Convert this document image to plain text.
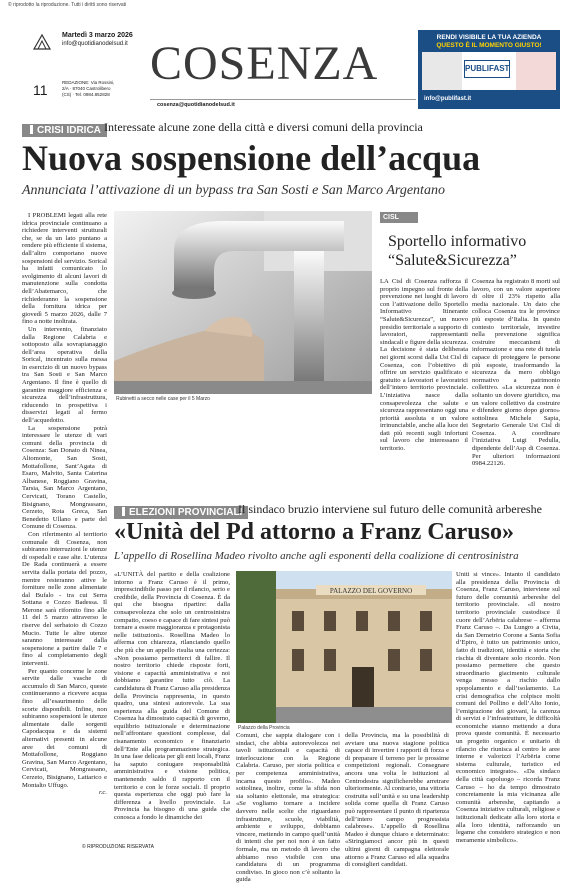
© riprodotto la riproduzione. Tutti i diritti sono riservati
Martedì 3 marzo 2026
info@quotidianodelsud.it
11	REDAZIONE: Via Rossini, 2/A · 87040 Castrolibero (CS) · Tel. 0984.852828
COSENZA
cosenza@quotidianodelsud.it
RENDI VISIBILE LA TUA AZIENDA
QUESTO È IL MOMENTO GIUSTO!
PUBLIFAST
info@publifast.it
CRISI IDRICA Interessate alcune zone della città e diversi comuni della provincia
Nuova sospensione dell’acqua
Annunciata l’attivazione di un bypass tra San Sosti e San Marco Argentano

I PROBLEMI legati alla rete idrica provinciale continuano a richiedere interventi strutturali che, se da un lato puntano a rendere più efficiente il sistema, dall’altro comportano nuove sospensioni del servizio. Sorical ha infatti comunicato lo svolgimento di alcuni lavori di manutenzione sulla condotta dell’Abatemarco, che richiederanno la sospensione della fornitura idrica per giovedì 5 marzo 2026, dalle 7 fino a notte inoltrata.

Un intervento, finanziato dalla Regione Calabria e sottoposto alla sovrapianaggio dell’area operativa della Sorical, incentrato sulla messa in esercizio di un nuovo bypass tra San Sosti e San Marco Argentano. Il fine è quello di garantire maggiore efficienza e sicurezza dell’infrastruttura, riducendo in prospettiva i disservizi legati al fermo dell’acquedotto.

La sospensione potrà interessare le utenze di vari comuni della provincia di Cosenza: San Donato di Ninea, Altomonte, San Sosti, Mottafollone, Sant’Agata di Esaro, Malvito, Santa Caterina Albanese, Roggiano Gravina, Tarsia, San Marco Argentano, Cervicati, Torano Castello, Bisignano, Mongrassano, Cerzeto, Rota Greca, San Benedetto Ullano e parte del Comune di Cosenza.

Con riferimento al territorio comunale di Cosenza, non subiranno interruzioni le utenze di ospedali e case alte. L’utenza De Rada continuerà a essere servita dalla portata del pozzo, mentre resteranno attive le forniture nelle zone alimentate dal Bufalo - tra cui Serra Sottana e Cozzo Badessa. Il Merone sarà rifornito fino alle 11 del 5 marzo attraverso le riserve del serbatoio di Cozzo Mucio. Tutte le altre utenze saranno interessate dalla sospensione a partire dalle 7 e fino al completamento degli interventi.

Per quanto concerne le zone servite dalle vasche di accumulo di San Marco, queste continueranno a ricevere acqua fino all’esaurimento delle scorte disponibili. Infine, non subiranno sospensioni le utenze alimentate dalle sorgenti Capodacqua e da sistemi alternativi presenti in alcune aree dei comuni di Mottafollone, Roggiano Gravina, San Marco Argentano, Cervicati, Mongrassano, Cerzeto, Bisignano, Lattarico e Montalto Uffugo.

r.c.

© RIPRODUZIONE RISERVATA
Rubinetti a secco nelle case per il 5 Marzo
CISL
Sportello informativo “Salute&Sicurezza”
LA Cisl di Cosenza rafforza il proprio impegno sul fronte della prevenzione nei luoghi di lavoro con l’attivazione dello Sportello Informativo Itinerante “Salute&Sicurezza”, un nuovo presidio territoriale a supporto di lavoratori, rappresentanti sindacali e figure della sicurezza. La decisione è stata deliberata nei giorni scorsi dalla Ust Cisl di Cosenza, con l’obiettivo di offrire un servizio qualificato e gratuito a lavoratori e lavoratrici dell’intero territorio provinciale. L’iniziativa nasce dalla consapevolezza che salute e sicurezza rappresentano oggi una priorità assoluta e un valore irrinunciabile, anche alla luce dei dati più recenti sugli infortuni sul lavoro che interessano il territorio.
Cosenza ha registrato 8 morti sul lavoro, con un valore superiore di oltre il 23% rispetto alla media nazionale. Un dato che colloca Cosenza tra le province più esposte d’Italia. In questo contesto territoriale, investire nella prevenzione significa costruire meccanismi di informazione e una rete di tutela capace di proteggere le persone più esposte, trasformando la sicurezza da mero obbligo normativo a patrimonio collettivo. «La sicurezza non è soltanto un dovere giuridico, ma un valore collettivo da costruire e difendere giorno dopo giorno» sottolinea Michele Sapia, Segretario Generale Ust Cisl di Cosenza. A coordinare l’iniziativa Luigi Pedulla, dipendente dell’Asp di Cosenza. Per ulteriori informazioni 0984.22126.
ELEZIONI PROVINCIALI
Il sindaco bruzio interviene sul futuro delle comunità arbereshe
«Unità del Pd attorno a Franz Caruso»
L’appello di Rosellina Madeo rivolto anche agli esponenti della coalizione di centrosinistra
«L’UNITÀ del partito e della coalizione intorno a Franz Caruso è il primo, imprescindibile passo per il rilancio, serio e credibile, della Provincia di Cosenza. È da qui che bisogna ripartire: dalla consapevolezza che solo un centrosinistra compatto, coeso e capace di fare sintesi può tornare a essere maggioranza e protagonista nelle istituzioni». Rosellina Madeo lo afferma con chiarezza, rilanciando quello che più che un appello risulta una certezza: «Non possiamo permetterci di fallire. Il nostro territorio chiede risposte forti, visione e capacità amministrativa e noi dobbiamo garantire tutto ciò. La candidatura di Franz Caruso alla presidenza della Provincia rappresenta, in questo quadro, una sintesi autorevole. La sua esperienza alla guida del Comune di Cosenza ha dimostrato capacità di governo, equilibrio istituzionale e determinazione nell’affrontare questioni complesse, dal risanamento economico e finanziario dell’Ente alla programmazione strategica. In una fase delicata per gli enti locali, Franz ha saputo coniugare responsabilità amministrativa e visione politica, mantenendo saldo il rapporto con il territorio e con le forze sociali. Il proprio questa esperienza che oggi può fare la differenza a livello provinciale. La Provincia ha bisogno di una guida che conosca a fondo le dinamiche dei
PALAZZO DEL GOVERNO
Palazzo della Provincia
Comuni, che sappia dialogare con i sindaci, che abbia autorevolezza nei tavoli istituzionali e capacità di interlocuzione con la Regione Calabria. Caruso, per storia politica e per competenza amministrativa, incarna questo profilo». Madeo sottolinea, inoltre, come la sfida non sia soltanto elettorale, ma strategica: «Se vogliamo tornare a incidere davvero nelle scelte che riguardano infrastrutture, scuole, viabilità, ambiente e sviluppo, dobbiamo vincere, mettendo in campo quell’unità di intenti che per noi non è un fatto formale, ma un metodo di lavoro che abbiamo reso visibile con una candidatura di un programma condiviso. In gioco non c’è soltanto la guida
della Provincia, ma la possibilità di avviare una nuova stagione politica capace di invertire i rapporti di forza e di preparare il terreno per le prossime competizioni regionali. Consegnare ancora una volta le istituzioni al Centrodestra significherebbe arretrare ulteriormente. Al contrario, una vittoria costruita sull’unità e su una leadership solida come quella di Franz Caruso può rappresentare il punto di ripartenza dell’intero campo progressista calabrese». L’appello di Rosellina Madeo è dunque chiaro e determinato: «Stringiamoci ancor più in questi ultimi giorni di campagna elettorale attorno a Franz Caruso ed alla squadra di consiglieri candidati.
Uniti si vince». Intanto il candidato alla presidenza della Provincia di Cosenza, Franz Caruso, interviene sul futuro delle comunità arbereshe del territorio provinciale. «Il nostro territorio provinciale custodisce il cuore dell’Arbëria calabrese – afferma Franz Caruso –. Da Lungro a Civita, da San Demetrio Corone a Santa Sofia d’Epiro, è tutto un patrimonio unico, fatto di tradizioni, identità e storia che rischia di diventare solo ricordo. Non possiamo permettere che questo straordinario giacimento culturale venga messo a rischio dallo spopolamento e dall’isolamento. La crisi demografica che colpisce molti comuni del Pollino e dell’Alto Ionio, l’emigrazione dei giovani, la carenza di servizi e l’infrastrutture, le difficoltà economiche stanno mettendo a dura prova queste comunità. È necessario un progetto organico e unitario di rilancio che riunisca al centro le aree interne e valorizzi l’Arbëria come sistema culturale, turistico ed economico integrato». «Da sindaco della città capoluogo – ricorda Franz Caruso – ho da tempo dimostrato concretamente la mia vicinanza alle comunità arbereshe, capitando a Cosenza iniziative culturali, religiose e istituzionali dedicate alla loro storia e alla loro identità, rafforzando un legame che considero strategico e non meramente simbolico».
